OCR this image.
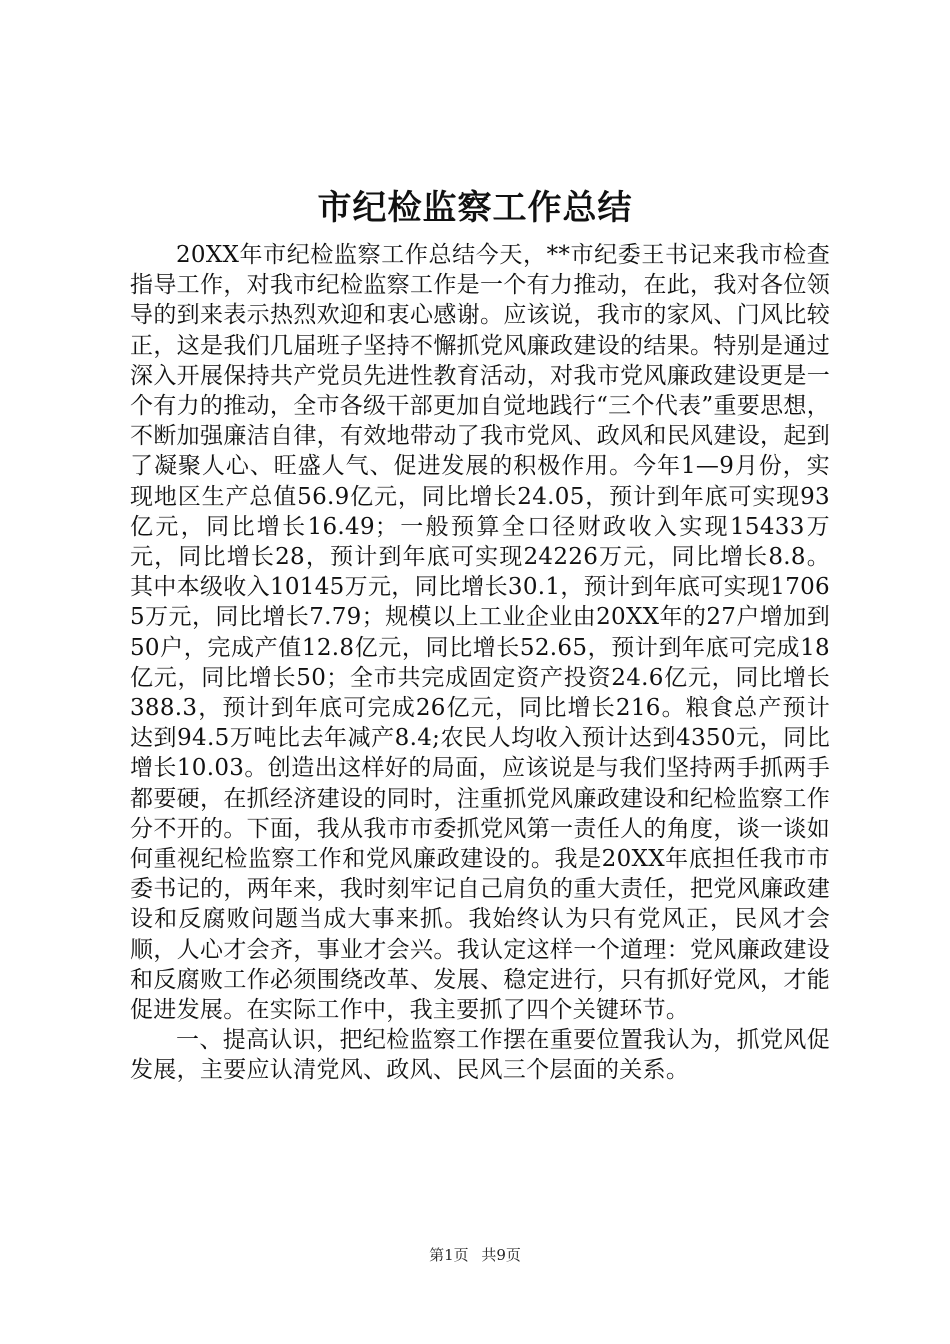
市纪检监察工作总结

20XX年市纪检监察工作总结今天，**市纪委王书记来我市检查指导工作，对我市纪检监察工作是一个有力推动，在此，我对各位领导的到来表示热烈欢迎和衷心感谢。应该说，我市的家风、门风比较正，这是我们几届班子坚持不懈抓党风廉政建设的结果。特别是通过深入开展保持共产党员先进性教育活动，对我市党风廉政建设更是一个有力的推动，全市各级干部更加自觉地践行“三个代表”重要思想，不断加强廉洁自律，有效地带动了我市党风、政风和民风建设，起到了凝聚人心、旺盛人气、促进发展的积极作用。今年1—9月份，实现地区生产总值56.9亿元，同比增长24.05，预计到年底可实现93亿元，同比增长16.49；一般预算全口径财政收入实现15433万元，同比增长28，预计到年底可实现24226万元，同比增长8.8。其中本级收入10145万元，同比增长30.1，预计到年底可实现17065万元，同比增长7.79；规模以上工业企业由20XX年的27户增加到50户，完成产值12.8亿元，同比增长52.65，预计到年底可完成18亿元，同比增长50；全市共完成固定资产投资24.6亿元，同比增长388.3，预计到年底可完成26亿元，同比增长216。粮食总产预计达到94.5万吨比去年减产8.4;农民人均收入预计达到4350元，同比增长10.03。创造出这样好的局面，应该说是与我们坚持两手抓两手都要硬，在抓经济建设的同时，注重抓党风廉政建设和纪检监察工作分不开的。下面，我从我市市委抓党风第一责任人的角度，谈一谈如何重视纪检监察工作和党风廉政建设的。我是20XX年底担任我市市委书记的，两年来，我时刻牢记自己肩负的重大责任，把党风廉政建设和反腐败问题当成大事来抓。我始终认为只有党风正，民风才会顺，人心才会齐，事业才会兴。我认定这样一个道理：党风廉政建设和反腐败工作必须围绕改革、发展、稳定进行，只有抓好党风，才能促进发展。在实际工作中，我主要抓了四个关键环节。

一、提高认识，把纪检监察工作摆在重要位置我认为，抓党风促发展，主要应认清党风、政风、民风三个层面的关系。

第1页 共9页
